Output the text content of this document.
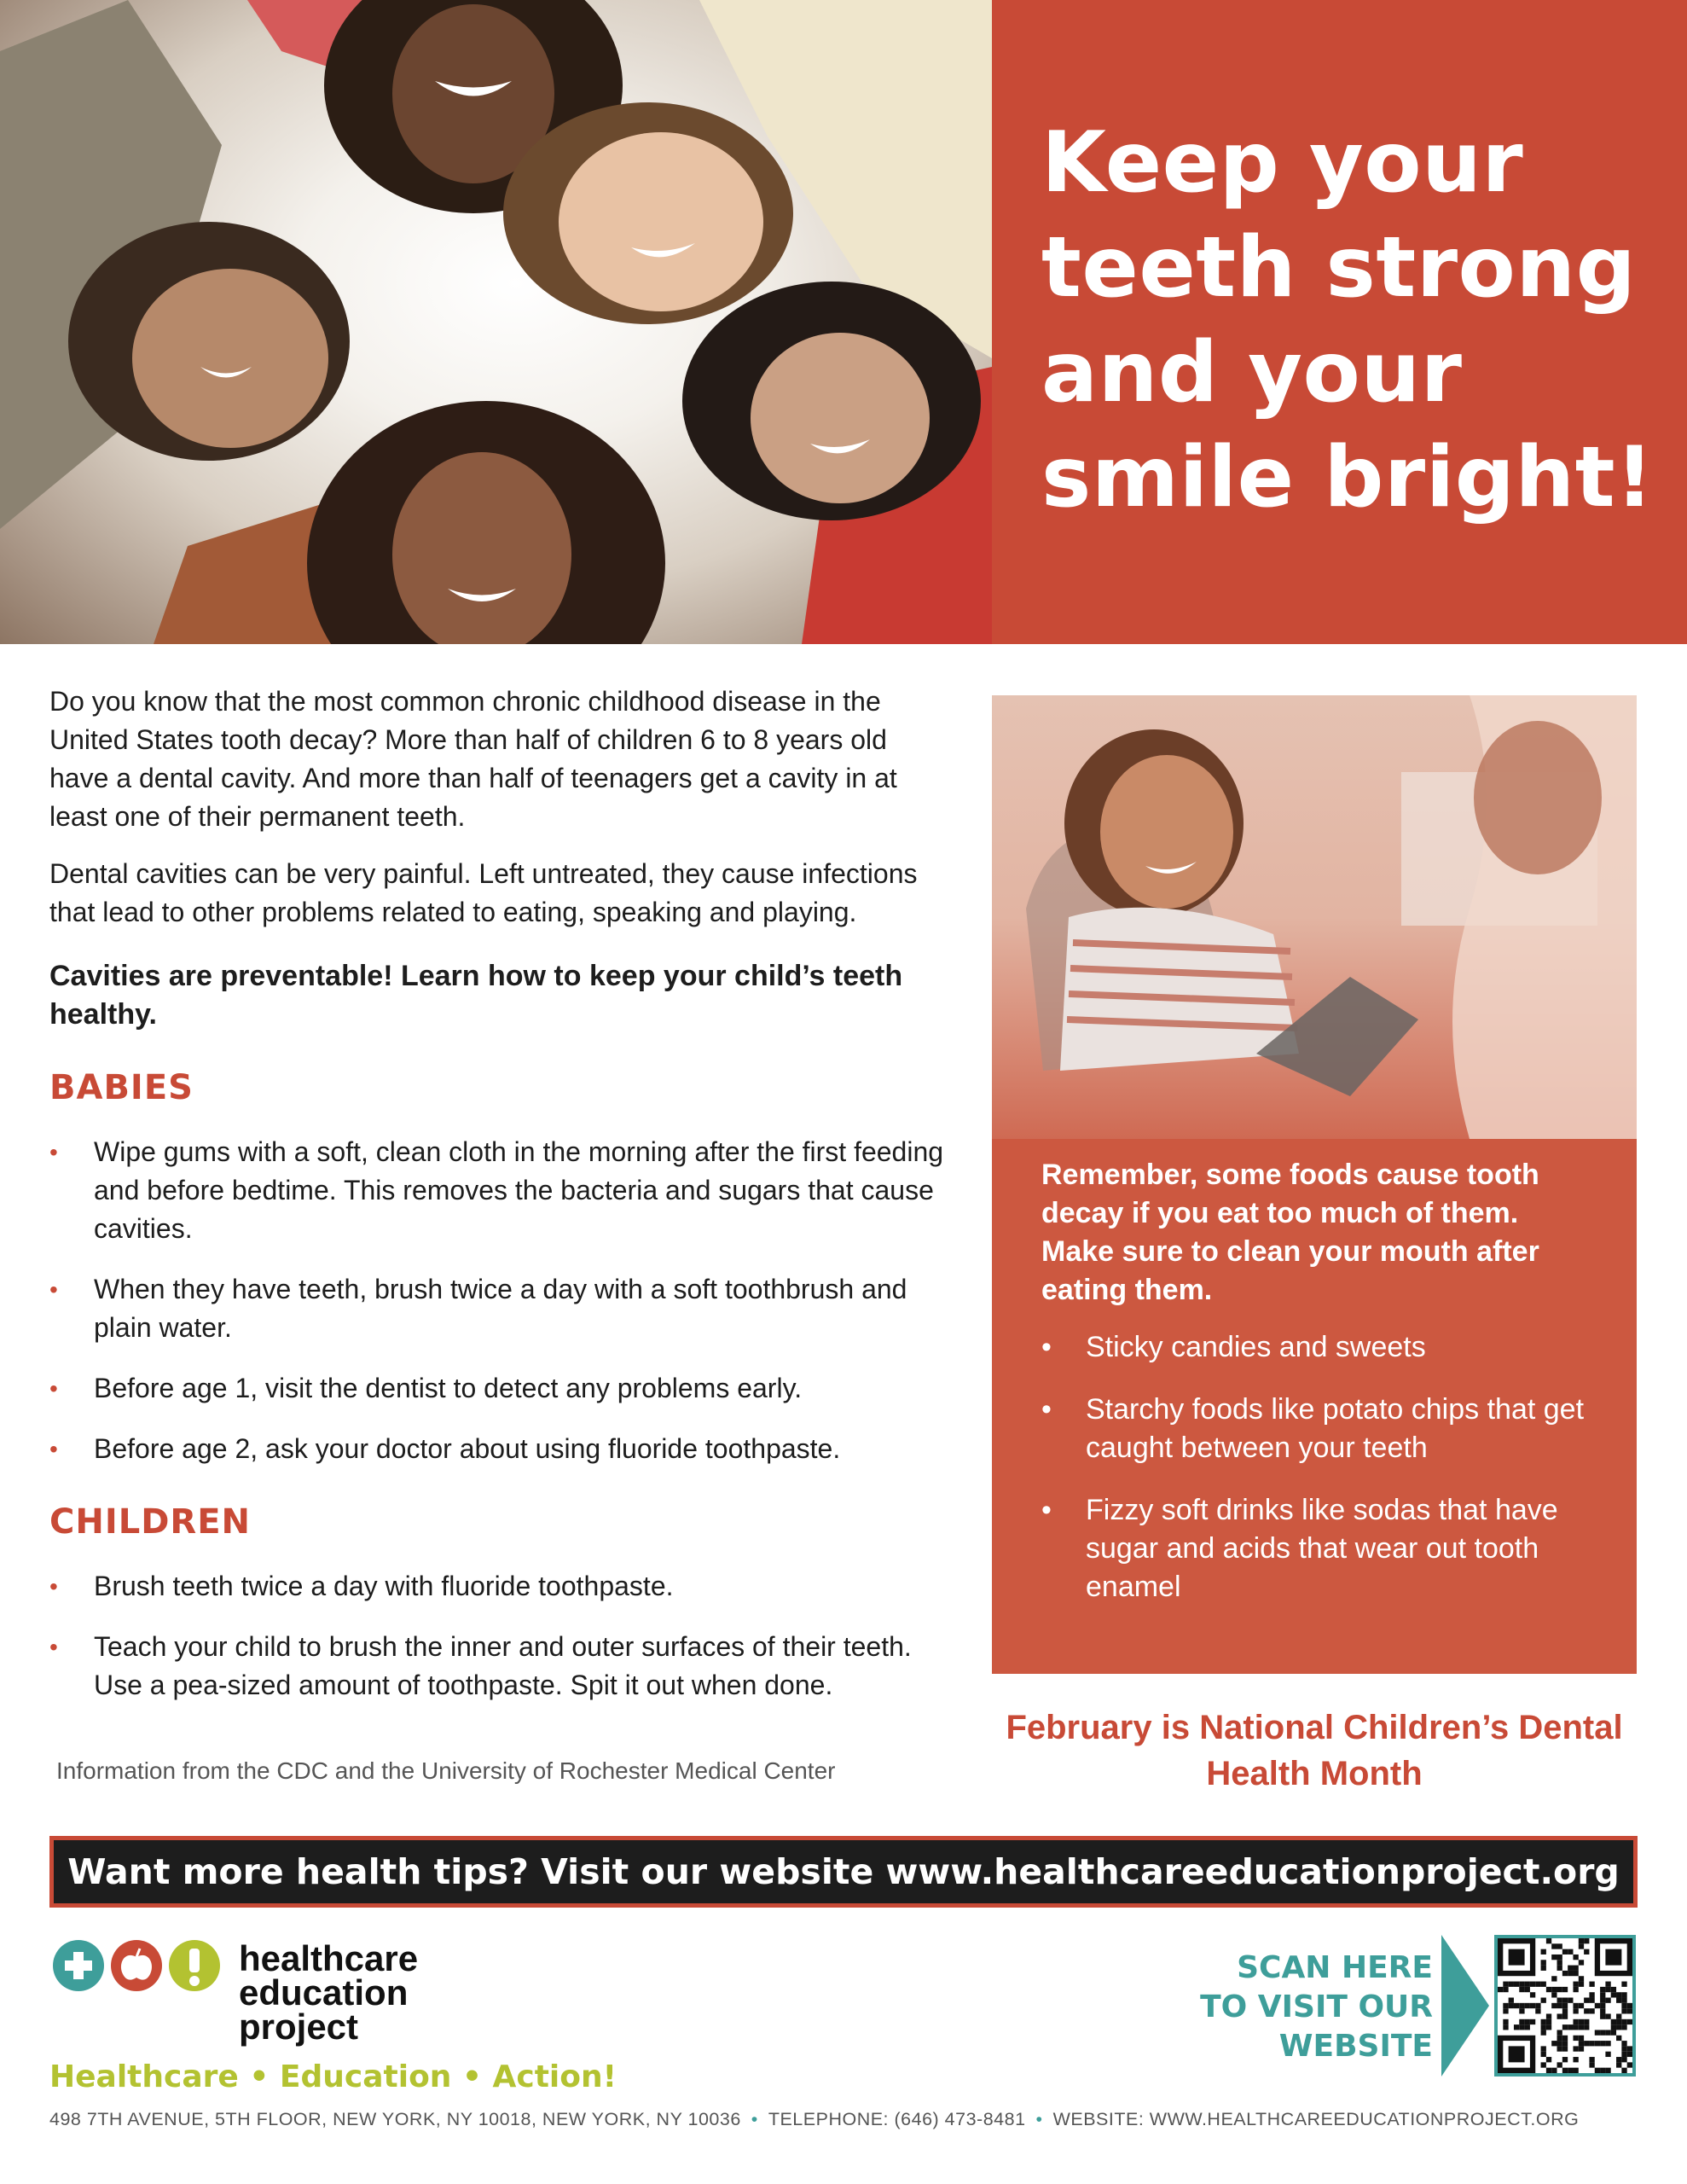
Keep your teeth strong and your smile bright!

Do you know that the most common chronic childhood disease in the United States tooth decay? More than half of children 6 to 8 years old have a dental cavity. And more than half of teenagers get a cavity in at least one of their permanent teeth.

Dental cavities can be very painful. Left untreated, they cause infections that lead to other problems related to eating, speaking and playing.

Cavities are preventable! Learn how to keep your child’s teeth healthy.

BABIES
• Wipe gums with a soft, clean cloth in the morning after the first feeding and before bedtime. This removes the bacteria and sugars that cause cavities.
• When they have teeth, brush twice a day with a soft toothbrush and plain water.
• Before age 1, visit the dentist to detect any problems early.
• Before age 2, ask your doctor about using fluoride toothpaste.
CHILDREN
• Brush teeth twice a day with fluoride toothpaste.
• Teach your child to brush the inner and outer surfaces of their teeth. Use a pea-sized amount of toothpaste. Spit it out when done.
Information from the CDC and the University of Rochester Medical Center

Remember, some foods cause tooth decay if you eat too much of them. Make sure to clean your mouth after eating them.

• Sticky candies and sweets
• Starchy foods like potato chips that get caught between your teeth
• Fizzy soft drinks like sodas that have sugar and acids that wear out tooth enamel
February is National Children’s Dental Health Month
Want more health tips? Visit our website www.healthcareeducationproject.org
healthcare
education
project
Healthcare • Education • Action!
SCAN HERE
TO VISIT OUR
WEBSITE
498 7TH AVENUE, 5TH FLOOR, NEW YORK, NY 10018, NEW YORK, NY 10036 • TELEPHONE: (646) 473-8481 • WEBSITE: WWW.HEALTHCAREEDUCATIONPROJECT.ORG
